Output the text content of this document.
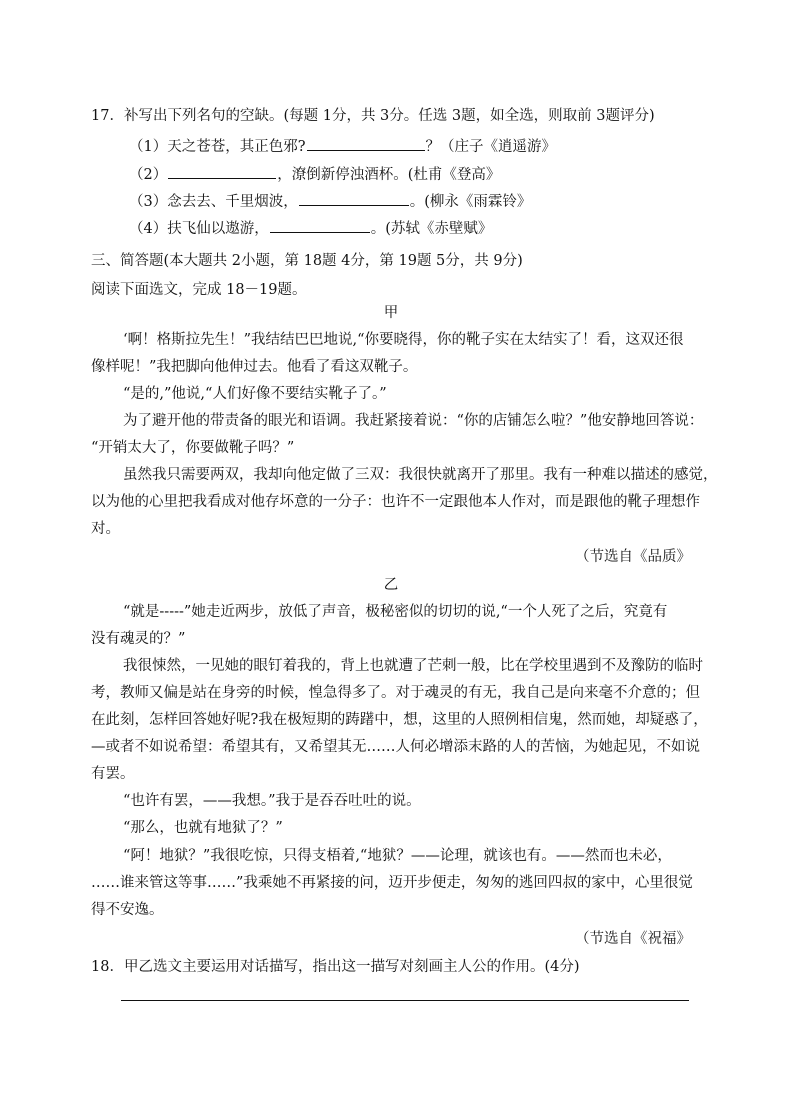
17．补写出下列名句的空缺。(每题 1分，共 3分。任选 3题，如全选，则取前 3题评分)
（1）天之苍苍，其正色邪?	？（庄子《逍遥游》
（2）	，潦倒新停浊酒杯。(杜甫《登高》
（3）念去去、千里烟波，	。(柳永《雨霖铃》
（4）扶飞仙以遨游，	。(苏轼《赤壁赋》
三、简答题(本大题共 2小题，第 18题 4分，第 19题 5分，共 9分)
阅读下面选文，完成 18－19题。
甲
‘啊！格斯拉先生！”我结结巴巴地说,“你要晓得，你的靴子实在太结实了！看，这双还很
像样呢！”我把脚向他伸过去。他看了看这双靴子。
“是的,”他说,“人们好像不要结实靴子了。”
为了避开他的带责备的眼光和语调。我赶紧接着说：“你的店铺怎么啦？”他安静地回答说：
“开销太大了，你要做靴子吗？”
虽然我只需要两双，我却向他定做了三双：我很快就离开了那里。我有一种难以描述的感觉，
以为他的心里把我看成对他存坏意的一分子：也许不一定跟他本人作对，而是跟他的靴子理想作
对。
（节选自《品质》
乙
“就是-----”她走近两步，放低了声音，极秘密似的切切的说,“一个人死了之后，究竟有
没有魂灵的？”
我很悚然，一见她的眼钉着我的，背上也就遭了芒刺一般，比在学校里遇到不及豫防的临时
考，教师又偏是站在身旁的时候，惶急得多了。对于魂灵的有无，我自己是向来毫不介意的；但
在此刻，怎样回答她好呢?我在极短期的踌躇中，想，这里的人照例相信鬼，然而她，却疑惑了，
—或者不如说希望：希望其有，又希望其无……人何必增添末路的人的苦恼，为她起见，不如说
有罢。
“也许有罢，——我想。”我于是吞吞吐吐的说。
“那么，也就有地狱了？”
“阿！地狱？”我很吃惊，只得支梧着,“地狱？——论理，就该也有。——然而也未必，
……谁来管这等事……”我乘她不再紧接的问，迈开步便走，匆匆的逃回四叔的家中，心里很觉
得不安逸。
（节选自《祝福》
18．甲乙选文主要运用对话描写，指出这一描写对刻画主人公的作用。(4分)
